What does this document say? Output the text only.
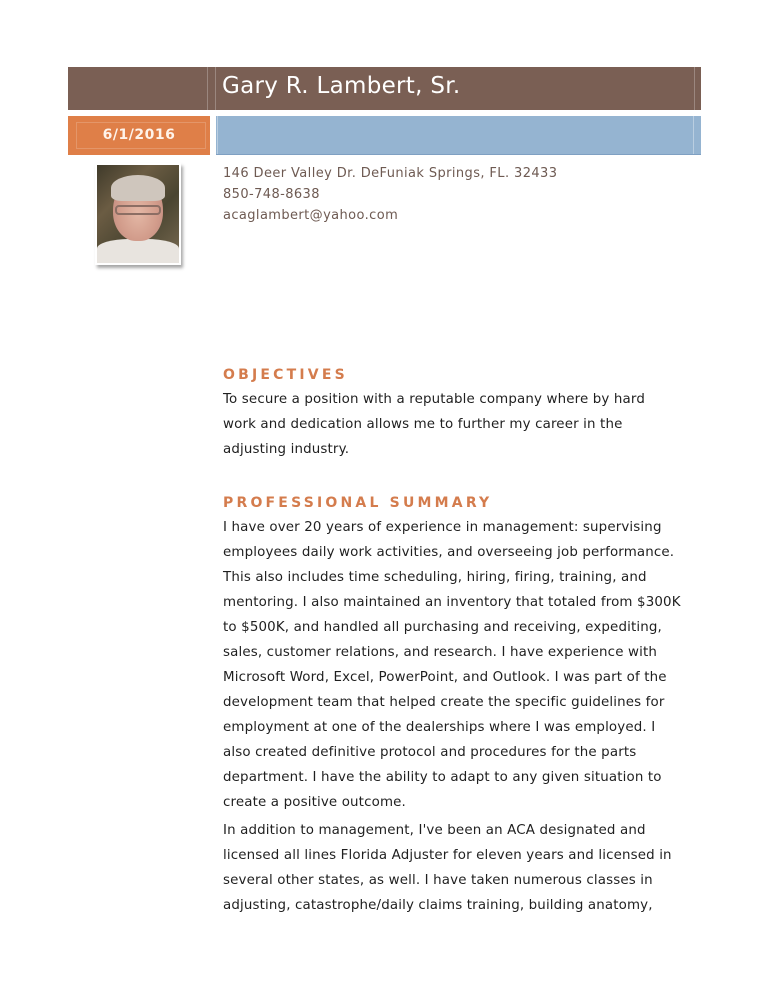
Gary R. Lambert, Sr.
6/1/2016
146 Deer Valley Dr. DeFuniak Springs, FL. 32433
850-748-8638
acaglambert@yahoo.com
OBJECTIVES
To secure a position with a reputable company where by hard
work and dedication allows me to further my career in the
adjusting industry.
PROFESSIONAL SUMMARY
I have over 20 years of experience in management: supervising
employees daily work activities, and overseeing job performance.
This also includes time scheduling, hiring, firing, training, and
mentoring. I also maintained an inventory that totaled from $300K
to $500K, and handled all purchasing and receiving, expediting,
sales, customer relations, and research. I have experience with
Microsoft Word, Excel, PowerPoint, and Outlook. I was part of the
development team that helped create the specific guidelines for
employment at one of the dealerships where I was employed. I
also created definitive protocol and procedures for the parts
department. I have the ability to adapt to any given situation to
create a positive outcome.
In addition to management, I've been an ACA designated and
licensed all lines Florida Adjuster for eleven years and licensed in
several other states, as well. I have taken numerous classes in
adjusting, catastrophe/daily claims training, building anatomy,
